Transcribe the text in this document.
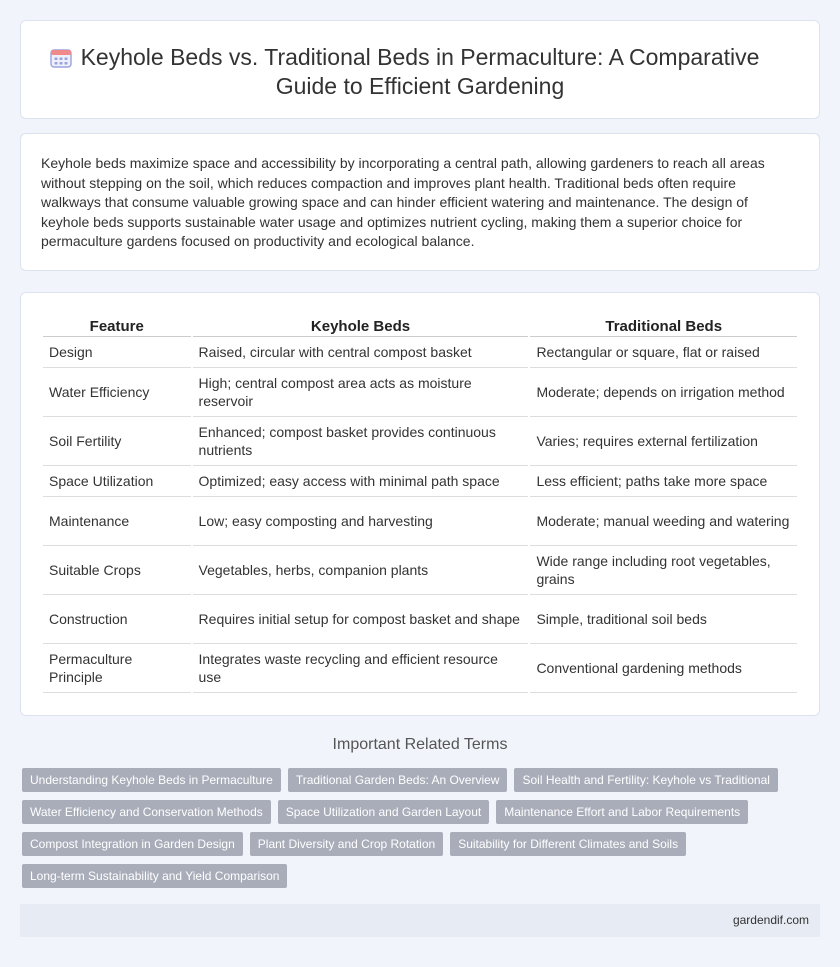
Keyhole Beds vs. Traditional Beds in Permaculture: A Comparative Guide to Efficient Gardening

Keyhole beds maximize space and accessibility by incorporating a central path, allowing gardeners to reach all areas without stepping on the soil, which reduces compaction and improves plant health. Traditional beds often require walkways that consume valuable growing space and can hinder efficient watering and maintenance. The design of keyhole beds supports sustainable water usage and optimizes nutrient cycling, making them a superior choice for permaculture gardens focused on productivity and ecological balance.

Feature	Keyhole Beds	Traditional Beds
Design	Raised, circular with central compost basket	Rectangular or square, flat or raised
Water Efficiency	High; central compost area acts as moisture reservoir	Moderate; depends on irrigation method
Soil Fertility	Enhanced; compost basket provides continuous nutrients	Varies; requires external fertilization
Space Utilization	Optimized; easy access with minimal path space	Less efficient; paths take more space
Maintenance	Low; easy composting and harvesting	Moderate; manual weeding and watering
Suitable Crops	Vegetables, herbs, companion plants	Wide range including root vegetables, grains
Construction	Requires initial setup for compost basket and shape	Simple, traditional soil beds
Permaculture Principle	Integrates waste recycling and efficient resource use	Conventional gardening methods
Important Related Terms
Understanding Keyhole Beds in Permaculture	Traditional Garden Beds: An Overview	Soil Health and Fertility: Keyhole vs Traditional
Water Efficiency and Conservation Methods	Space Utilization and Garden Layout	Maintenance Effort and Labor Requirements
Compost Integration in Garden Design	Plant Diversity and Crop Rotation	Suitability for Different Climates and Soils
Long-term Sustainability and Yield Comparison
gardendif.com
